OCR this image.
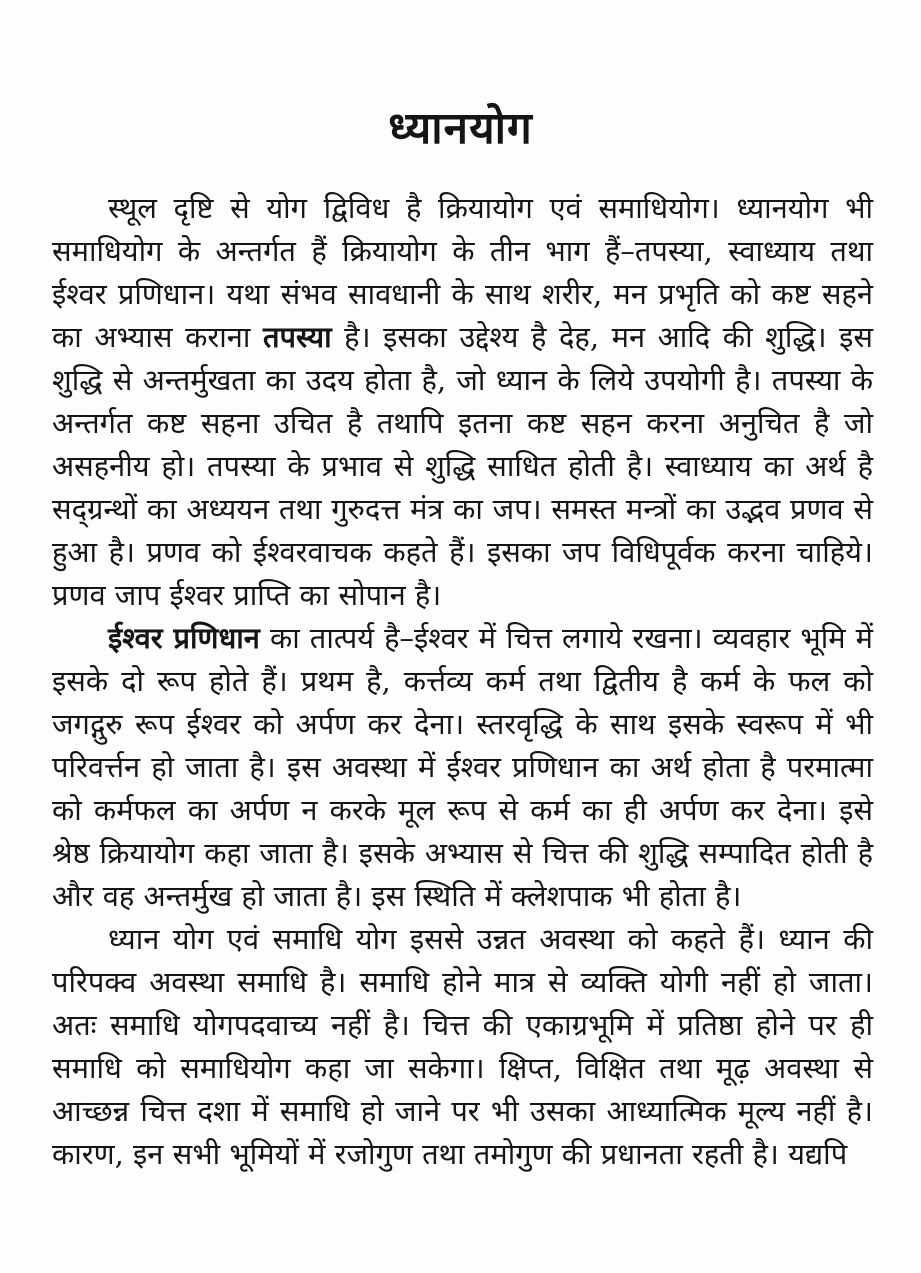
ध्यानयोग

स्थूल दृष्टि से योग द्विविध है क्रियायोग एवं समाधियोग। ध्यानयोग भी समाधियोग के अन्तर्गत हैं क्रियायोग के तीन भाग हैं–तपस्या, स्वाध्याय तथा ईश्वर प्रणिधान। यथा संभव सावधानी के साथ शरीर, मन प्रभृति को कष्ट सहने का अभ्यास कराना तपस्या है। इसका उद्देश्य है देह, मन आदि की शुद्धि। इस शुद्धि से अन्तर्मुखता का उदय होता है, जो ध्यान के लिये उपयोगी है। तपस्या के अन्तर्गत कष्ट सहना उचित है तथापि इतना कष्ट सहन करना अनुचित है जो असहनीय हो। तपस्या के प्रभाव से शुद्धि साधित होती है। स्वाध्याय का अर्थ है सद्ग्रन्थों का अध्ययन तथा गुरुदत्त मंत्र का जप। समस्त मन्त्रों का उद्भव प्रणव से हुआ है। प्रणव को ईश्वरवाचक कहते हैं। इसका जप विधिपूर्वक करना चाहिये। प्रणव जाप ईश्वर प्राप्ति का सोपान है।

ईश्वर प्रणिधान का तात्पर्य है–ईश्वर में चित्त लगाये रखना। व्यवहार भूमि में इसके दो रूप होते हैं। प्रथम है, कर्त्तव्य कर्म तथा द्वितीय है कर्म के फल को जगद्गुरु रूप ईश्वर को अर्पण कर देना। स्तरवृद्धि के साथ इसके स्वरूप में भी परिवर्त्तन हो जाता है। इस अवस्था में ईश्वर प्रणिधान का अर्थ होता है परमात्मा को कर्मफल का अर्पण न करके मूल रूप से कर्म का ही अर्पण कर देना। इसे श्रेष्ठ क्रियायोग कहा जाता है। इसके अभ्यास से चित्त की शुद्धि सम्पादित होती है और वह अन्तर्मुख हो जाता है। इस स्थिति में क्लेशपाक भी होता है।

ध्यान योग एवं समाधि योग इससे उन्नत अवस्था को कहते हैं। ध्यान की परिपक्व अवस्था समाधि है। समाधि होने मात्र से व्यक्ति योगी नहीं हो जाता। अतः समाधि योगपदवाच्य नहीं है। चित्त की एकाग्रभूमि में प्रतिष्ठा होने पर ही समाधि को समाधियोग कहा जा सकेगा। क्षिप्त, विक्षित तथा मूढ़ अवस्था से आच्छन्न चित्त दशा में समाधि हो जाने पर भी उसका आध्यात्मिक मूल्य नहीं है। कारण, इन सभी भूमियों में रजोगुण तथा तमोगुण की प्रधानता रहती है। यद्यपि
